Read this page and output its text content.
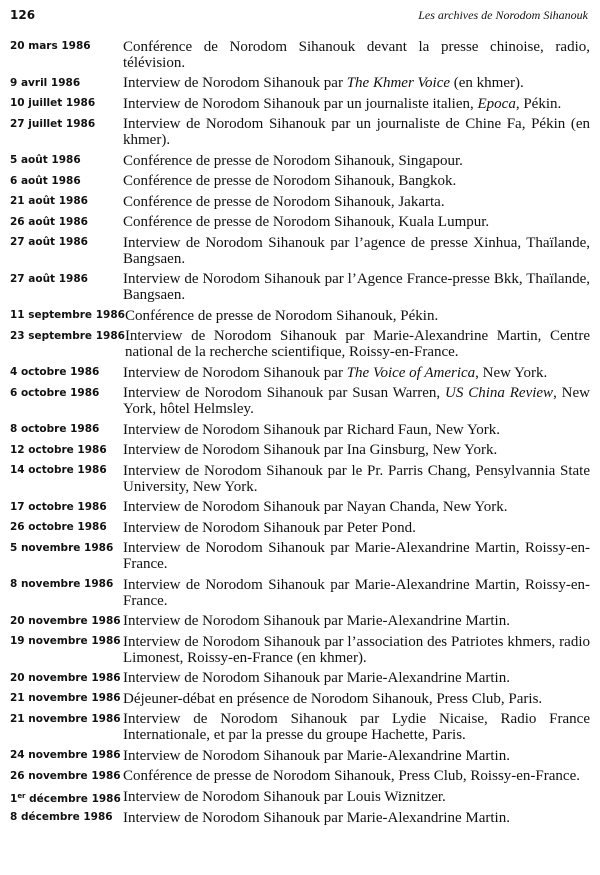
126	Les archives de Norodom Sihanouk
20 mars 1986	Conférence de Norodom Sihanouk devant la presse chinoise, radio, télévision.
9 avril 1986	Interview de Norodom Sihanouk par The Khmer Voice (en khmer).
10 juillet 1986	Interview de Norodom Sihanouk par un journaliste italien, Epoca, Pékin.
27 juillet 1986	Interview de Norodom Sihanouk par un journaliste de Chine Fa, Pékin (en khmer).
5 août 1986	Conférence de presse de Norodom Sihanouk, Singapour.
6 août 1986	Conférence de presse de Norodom Sihanouk, Bangkok.
21 août 1986	Conférence de presse de Norodom Sihanouk, Jakarta.
26 août 1986	Conférence de presse de Norodom Sihanouk, Kuala Lumpur.
27 août 1986	Interview de Norodom Sihanouk par l’agence de presse Xinhua, Thaïlande, Bangsaen.
27 août 1986	Interview de Norodom Sihanouk par l’Agence France-presse Bkk, Thaïlande, Bangsaen.
11 septembre 1986 Conférence de presse de Norodom Sihanouk, Pékin.
23 septembre 1986 Interview de Norodom Sihanouk par Marie-Alexandrine Martin, Centre national de la recherche scientifique, Roissy-en-France.
4 octobre 1986	Interview de Norodom Sihanouk par The Voice of America, New York.
6 octobre 1986	Interview de Norodom Sihanouk par Susan Warren, US China Review, New York, hôtel Helmsley.
8 octobre 1986	Interview de Norodom Sihanouk par Richard Faun, New York.
12 octobre 1986	Interview de Norodom Sihanouk par Ina Ginsburg, New York.
14 octobre 1986	Interview de Norodom Sihanouk par le Pr. Parris Chang, Pensylvannia State University, New York.
17 octobre 1986	Interview de Norodom Sihanouk par Nayan Chanda, New York.
26 octobre 1986	Interview de Norodom Sihanouk par Peter Pond.
5 novembre 1986 Interview de Norodom Sihanouk par Marie-Alexandrine Martin, Roissy-en-France.
8 novembre 1986 Interview de Norodom Sihanouk par Marie-Alexandrine Martin, Roissy-en-France.
20 novembre 1986 Interview de Norodom Sihanouk par Marie-Alexandrine Martin.
19 novembre 1986 Interview de Norodom Sihanouk par l’association des Patriotes khmers, radio Limonest, Roissy-en-France (en khmer).
20 novembre 1986 Interview de Norodom Sihanouk par Marie-Alexandrine Martin.
21 novembre 1986 Déjeuner-débat en présence de Norodom Sihanouk, Press Club, Paris.
21 novembre 1986 Interview de Norodom Sihanouk par Lydie Nicaise, Radio France Internationale, et par la presse du groupe Hachette, Paris.
24 novembre 1986 Interview de Norodom Sihanouk par Marie-Alexandrine Martin.
26 novembre 1986 Conférence de presse de Norodom Sihanouk, Press Club, Roissy-en-France.
1er décembre 1986 Interview de Norodom Sihanouk par Louis Wiznitzer.
8 décembre 1986 Interview de Norodom Sihanouk par Marie-Alexandrine Martin.
